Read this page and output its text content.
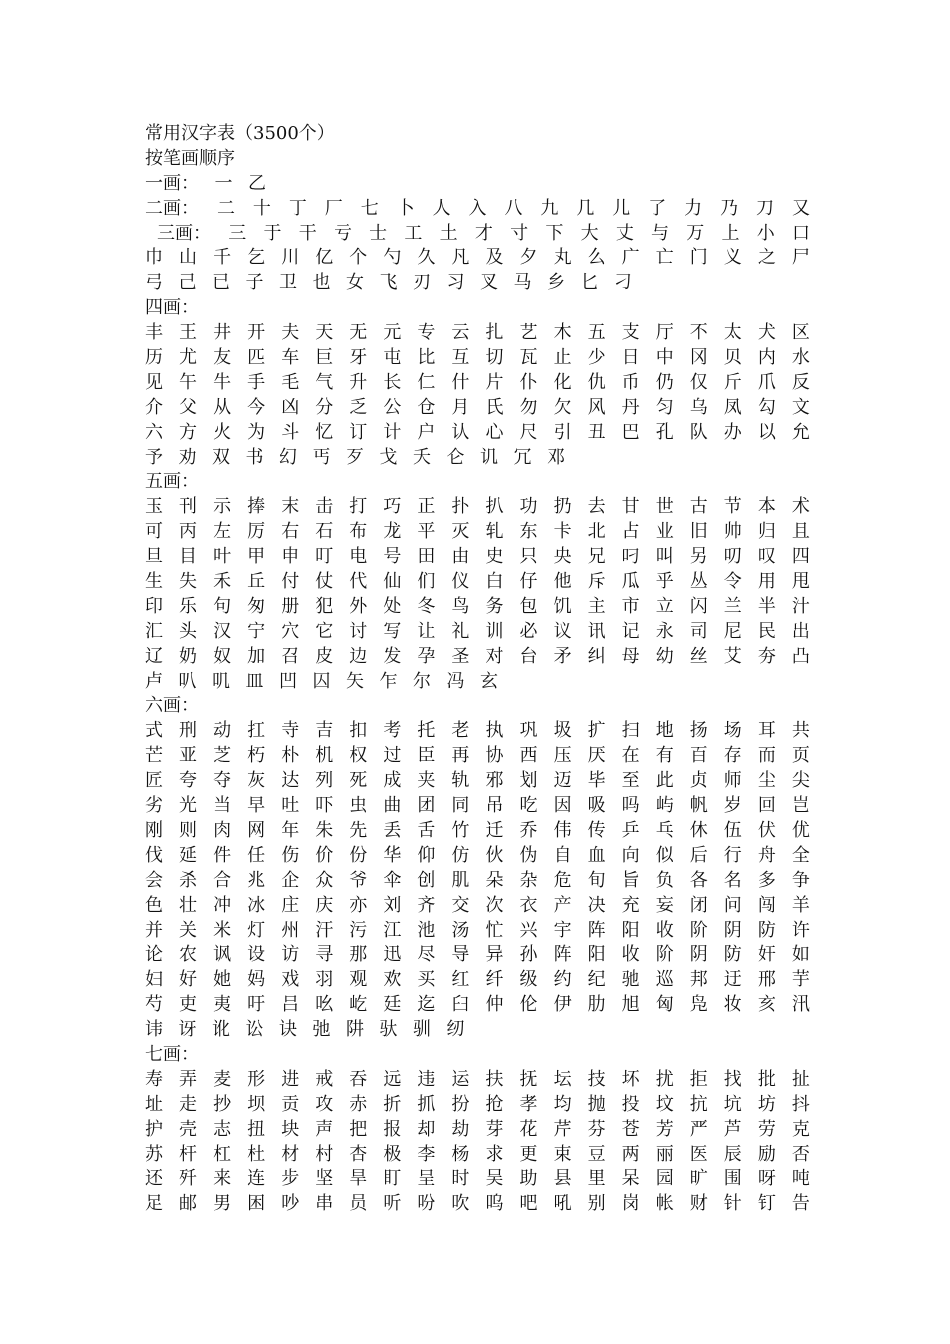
常用汉字表（3500个）
按笔画顺序
一画： 一 乙
二画： 二 十 丁 厂 七 卜 人 入 八 九 几 儿 了 力 乃 刀 又
三画： 三 于 干 亏 士 工 土 才 寸 下 大 丈 与 万 上 小 口
巾 山 千 乞 川 亿 个 勺 久 凡 及 夕 丸 么 广 亡 门 义 之 尸
弓 己 已 子 卫 也 女 飞 刃 习 叉 马 乡 匕 刁
四画：
丰 王 井 开 夫 天 无 元 专 云 扎 艺 木 五 支 厅 不 太 犬 区
历 尤 友 匹 车 巨 牙 屯 比 互 切 瓦 止 少 日 中 冈 贝 内 水
见 午 牛 手 毛 气 升 长 仁 什 片 仆 化 仇 币 仍 仅 斤 爪 反
介 父 从 今 凶 分 乏 公 仓 月 氏 勿 欠 风 丹 匀 乌 凤 勾 文
六 方 火 为 斗 忆 订 计 户 认 心 尺 引 丑 巴 孔 队 办 以 允
予 劝 双 书 幻 丐 歹 戈 夭 仑 讥 冗 邓
五画：
玉 刊 示 捧 末 击 打 巧 正 扑 扒 功 扔 去 甘 世 古 节 本 术
可 丙 左 厉 右 石 布 龙 平 灭 轧 东 卡 北 占 业 旧 帅 归 且
旦 目 叶 甲 申 叮 电 号 田 由 史 只 央 兄 叼 叫 另 叨 叹 四
生 失 禾 丘 付 仗 代 仙 们 仪 白 仔 他 斥 瓜 乎 丛 令 用 甩
印 乐 句 匆 册 犯 外 处 冬 鸟 务 包 饥 主 市 立 闪 兰 半 汁
汇 头 汉 宁 穴 它 讨 写 让 礼 训 必 议 讯 记 永 司 尼 民 出
辽 奶 奴 加 召 皮 边 发 孕 圣 对 台 矛 纠 母 幼 丝 艾 夯 凸
卢 叭 叽 皿 凹 囚 矢 乍 尔 冯 玄
六画：
式 刑 动 扛 寺 吉 扣 考 托 老 执 巩 圾 扩 扫 地 扬 场 耳 共
芒 亚 芝 朽 朴 机 权 过 臣 再 协 西 压 厌 在 有 百 存 而 页
匠 夸 夺 灰 达 列 死 成 夹 轨 邪 划 迈 毕 至 此 贞 师 尘 尖
劣 光 当 早 吐 吓 虫 曲 团 同 吊 吃 因 吸 吗 屿 帆 岁 回 岂
刚 则 肉 网 年 朱 先 丢 舌 竹 迁 乔 伟 传 乒 乓 休 伍 伏 优
伐 延 件 任 伤 价 份 华 仰 仿 伙 伪 自 血 向 似 后 行 舟 全
会 杀 合 兆 企 众 爷 伞 创 肌 朵 杂 危 旬 旨 负 各 名 多 争
色 壮 冲 冰 庄 庆 亦 刘 齐 交 次 衣 产 决 充 妄 闭 问 闯 羊
并 关 米 灯 州 汗 污 江 池 汤 忙 兴 宇 阵 阳 收 阶 阴 防 许
论 农 讽 设 访 寻 那 迅 尽 导 异 孙 阵 阳 收 阶 阴 防 奸 如
妇 好 她 妈 戏 羽 观 欢 买 红 纤 级 约 纪 驰 巡 邦 迂 邢 芋
芍 吏 夷 吁 吕 吆 屹 廷 迄 臼 仲 伦 伊 肋 旭 匈 凫 妆 亥 汛
讳 讶 讹 讼 诀 弛 阱 驮 驯 纫
七画：
寿 弄 麦 形 进 戒 吞 远 违 运 扶 抚 坛 技 坏 扰 拒 找 批 扯
址 走 抄 坝 贡 攻 赤 折 抓 扮 抢 孝 均 抛 投 坟 抗 坑 坊 抖
护 壳 志 扭 块 声 把 报 却 劫 芽 花 芹 芬 苍 芳 严 芦 劳 克
苏 杆 杠 杜 材 村 杏 极 李 杨 求 更 束 豆 两 丽 医 辰 励 否
还 歼 来 连 步 坚 旱 盯 呈 时 吴 助 县 里 呆 园 旷 围 呀 吨
足 邮 男 困 吵 串 员 听 吩 吹 呜 吧 吼 别 岗 帐 财 针 钉 告
